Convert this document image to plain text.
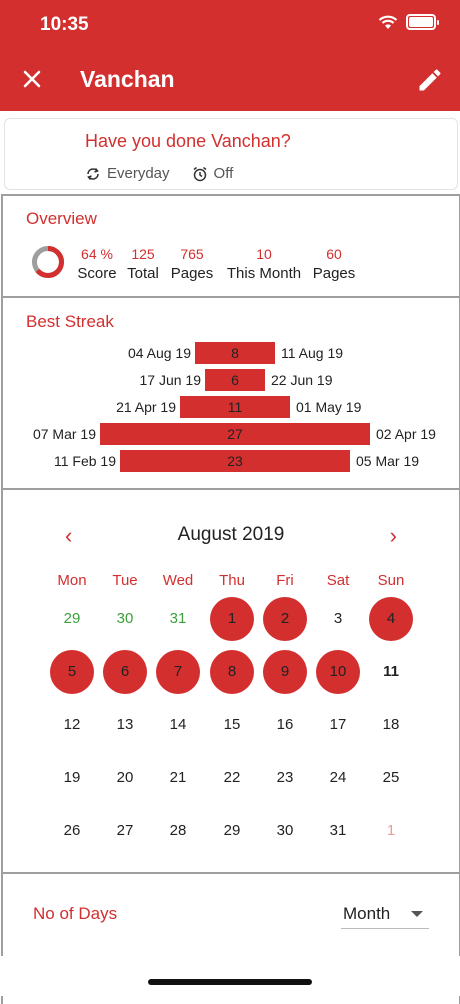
10:35
Vanchan
Have you done Vanchan?
Everyday	Off
Overview
64 %
Score
125
Total
765
Pages
10
This Month
60
Pages
Best Streak
04 Aug 19	8	11 Aug 19
17 Jun 19	6	22 Jun 19
21 Apr 19	11	01 May 19
07 Mar 19	27	02 Apr 19
11 Feb 19	23	05 Mar 19
‹	August 2019	›
Mon	Tue	Wed	Thu	Fri	Sat	Sun
29	30	31	1	2	3	4
5	6	7	8	9	10	11
12	13	14	15	16	17	18
19	20	21	22	23	24	25
26	27	28	29	30	31	1
No of Days	Month
